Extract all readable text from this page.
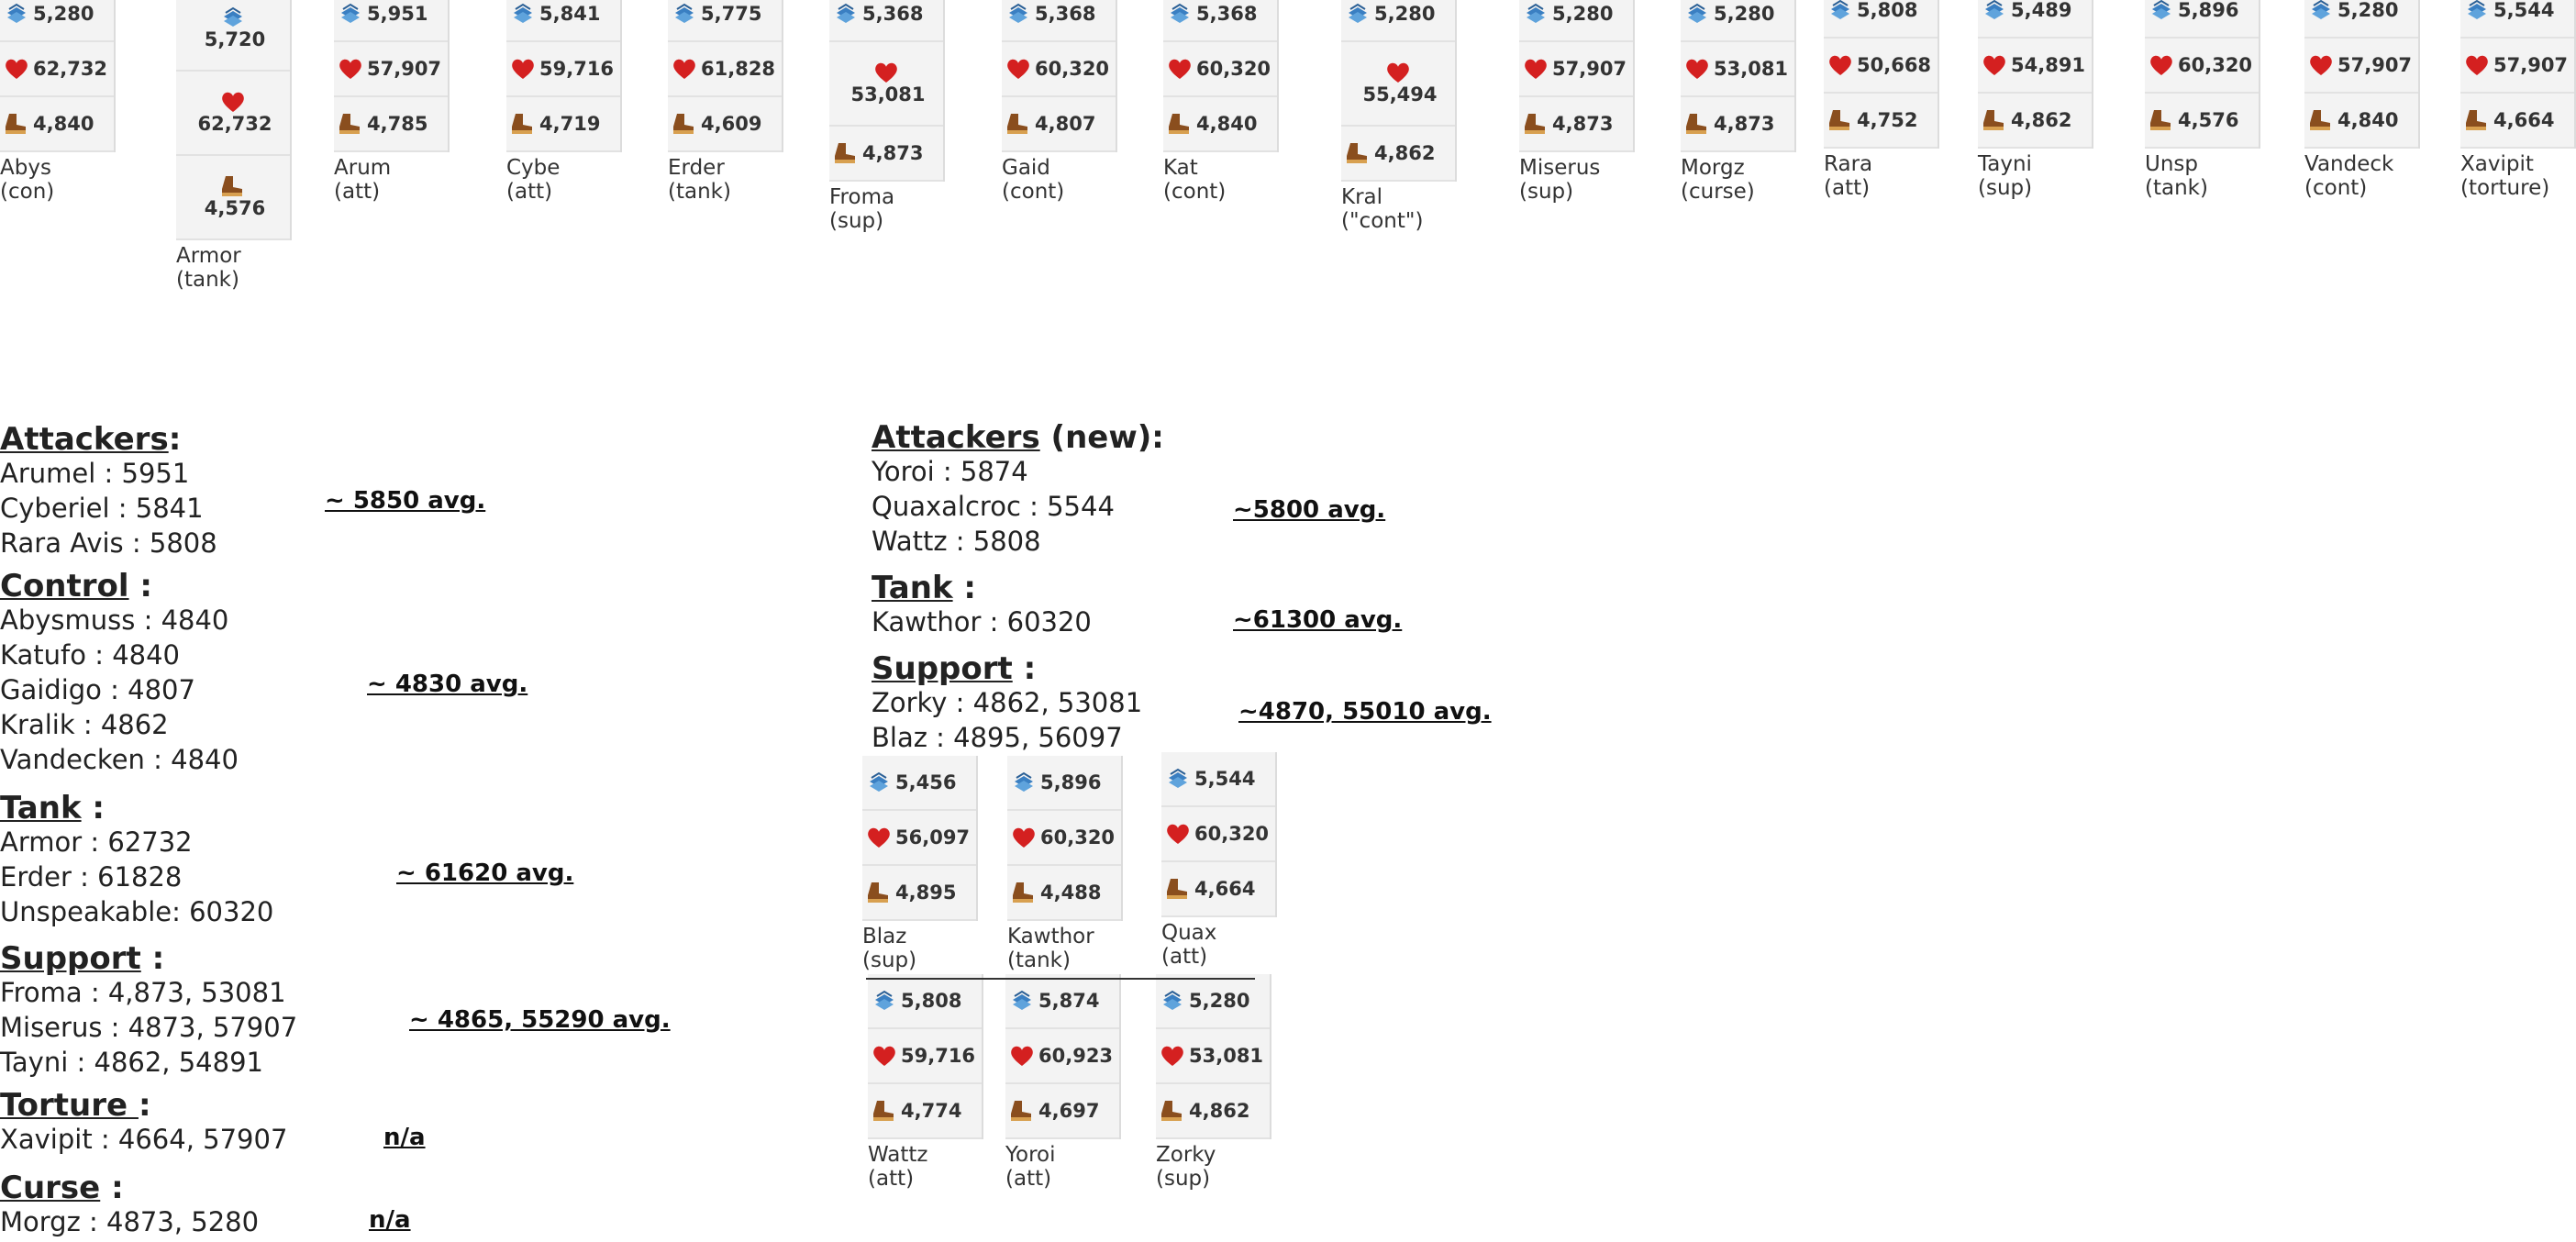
5,280
62,732
4,840
Abys
(con)
5,720
62,732
4,576
Armor
(tank)
5,951
57,907
4,785
Arum
(att)
5,841
59,716
4,719
Cybe
(att)
5,775
61,828
4,609
Erder
(tank)
5,368
53,081
4,873
Froma
(sup)
5,368
60,320
4,807
Gaid
(cont)
5,368
60,320
4,840
Kat
(cont)
5,280
55,494
4,862
Kral
("cont")
5,280
57,907
4,873
Miserus
(sup)
5,280
53,081
4,873
Morgz
(curse)
5,808
50,668
4,752
Rara
(att)
5,489
54,891
4,862
Tayni
(sup)
5,896
60,320
4,576
Unsp
(tank)
5,280
57,907
4,840
Vandeck
(cont)
5,544
57,907
4,664
Xavipit
(torture)
5,456
56,097
4,895
Blaz
(sup)
5,896
60,320
4,488
Kawthor
(tank)
5,544
60,320
4,664
Quax
(att)
5,808
59,716
4,774
Wattz
(att)
5,874
60,923
4,697
Yoroi
(att)
5,280
53,081
4,862
Zorky
(sup)
Attackers:
Arumel : 5951
Cyberiel : 5841
Rara Avis : 5808
~ 5850 avg.
Control :
Abysmuss : 4840
Katufo : 4840
Gaidigo : 4807
Kralik : 4862
Vandecken : 4840
~ 4830 avg.
Tank :
Armor : 62732
Erder : 61828
Unspeakable: 60320
~ 61620 avg.
Support :
Froma : 4,873, 53081
Miserus : 4873, 57907
Tayni : 4862, 54891
~ 4865, 55290 avg.
Torture :
Xavipit : 4664, 57907	n/a
Curse :
Morgz : 4873, 5280	n/a
Attackers (new):
Yoroi : 5874
Quaxalcroc : 5544
Wattz : 5808
~5800 avg.
Tank :
Kawthor : 60320	~61300 avg.
Support :
Zorky : 4862, 53081
Blaz : 4895, 56097
~4870, 55010 avg.
